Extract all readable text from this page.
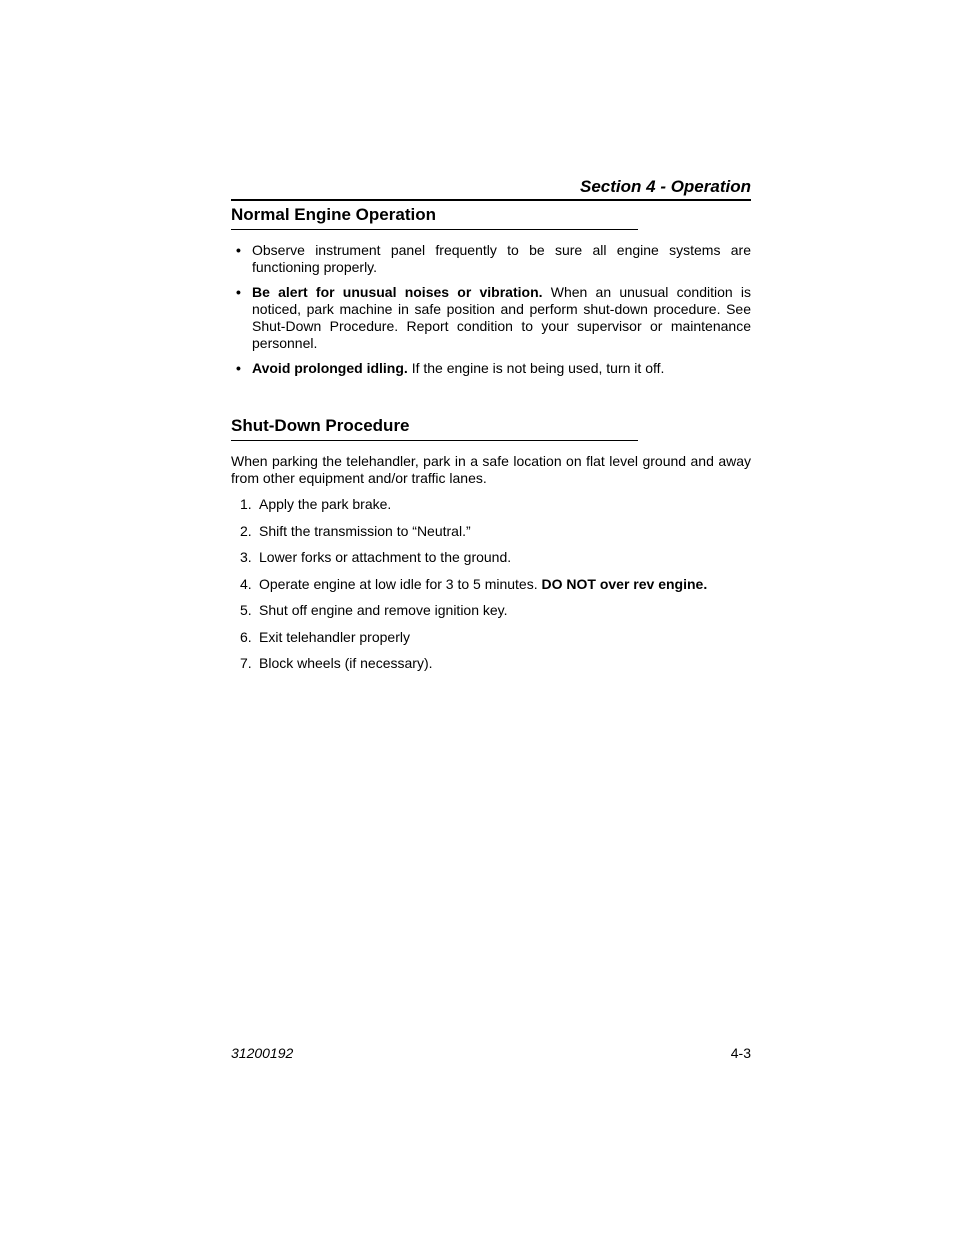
Section 4 - Operation
Normal Engine Operation
• Observe instrument panel frequently to be sure all engine systems are functioning properly.
• Be alert for unusual noises or vibration. When an unusual condition is noticed, park machine in safe position and perform shut-down procedure. See Shut-Down Procedure. Report condition to your supervisor or maintenance personnel.
• Avoid prolonged idling. If the engine is not being used, turn it off.
Shut-Down Procedure

When parking the telehandler, park in a safe location on flat level ground and away from other equipment and/or traffic lanes.

1. Apply the park brake.
2. Shift the transmission to “Neutral.”
3. Lower forks or attachment to the ground.
4. Operate engine at low idle for 3 to 5 minutes. DO NOT over rev engine.
5. Shut off engine and remove ignition key.
6. Exit telehandler properly
7. Block wheels (if necessary).
31200192	4-3
